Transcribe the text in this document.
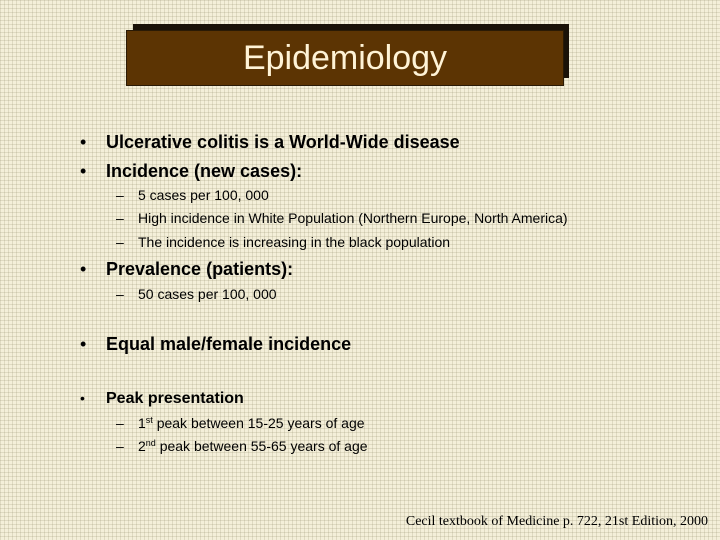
Epidemiology
• Ulcerative colitis is a World-Wide disease
• Incidence (new cases):
– 5 cases per 100, 000
– High incidence in White Population (Northern Europe, North America)
– The incidence is increasing in the black population
• Prevalence (patients):
– 50 cases per 100, 000
• Equal male/female incidence
• Peak presentation
– 1st peak between 15-25 years of age
– 2nd peak between 55-65 years of age
Cecil textbook of Medicine p. 722, 21st Edition, 2000
